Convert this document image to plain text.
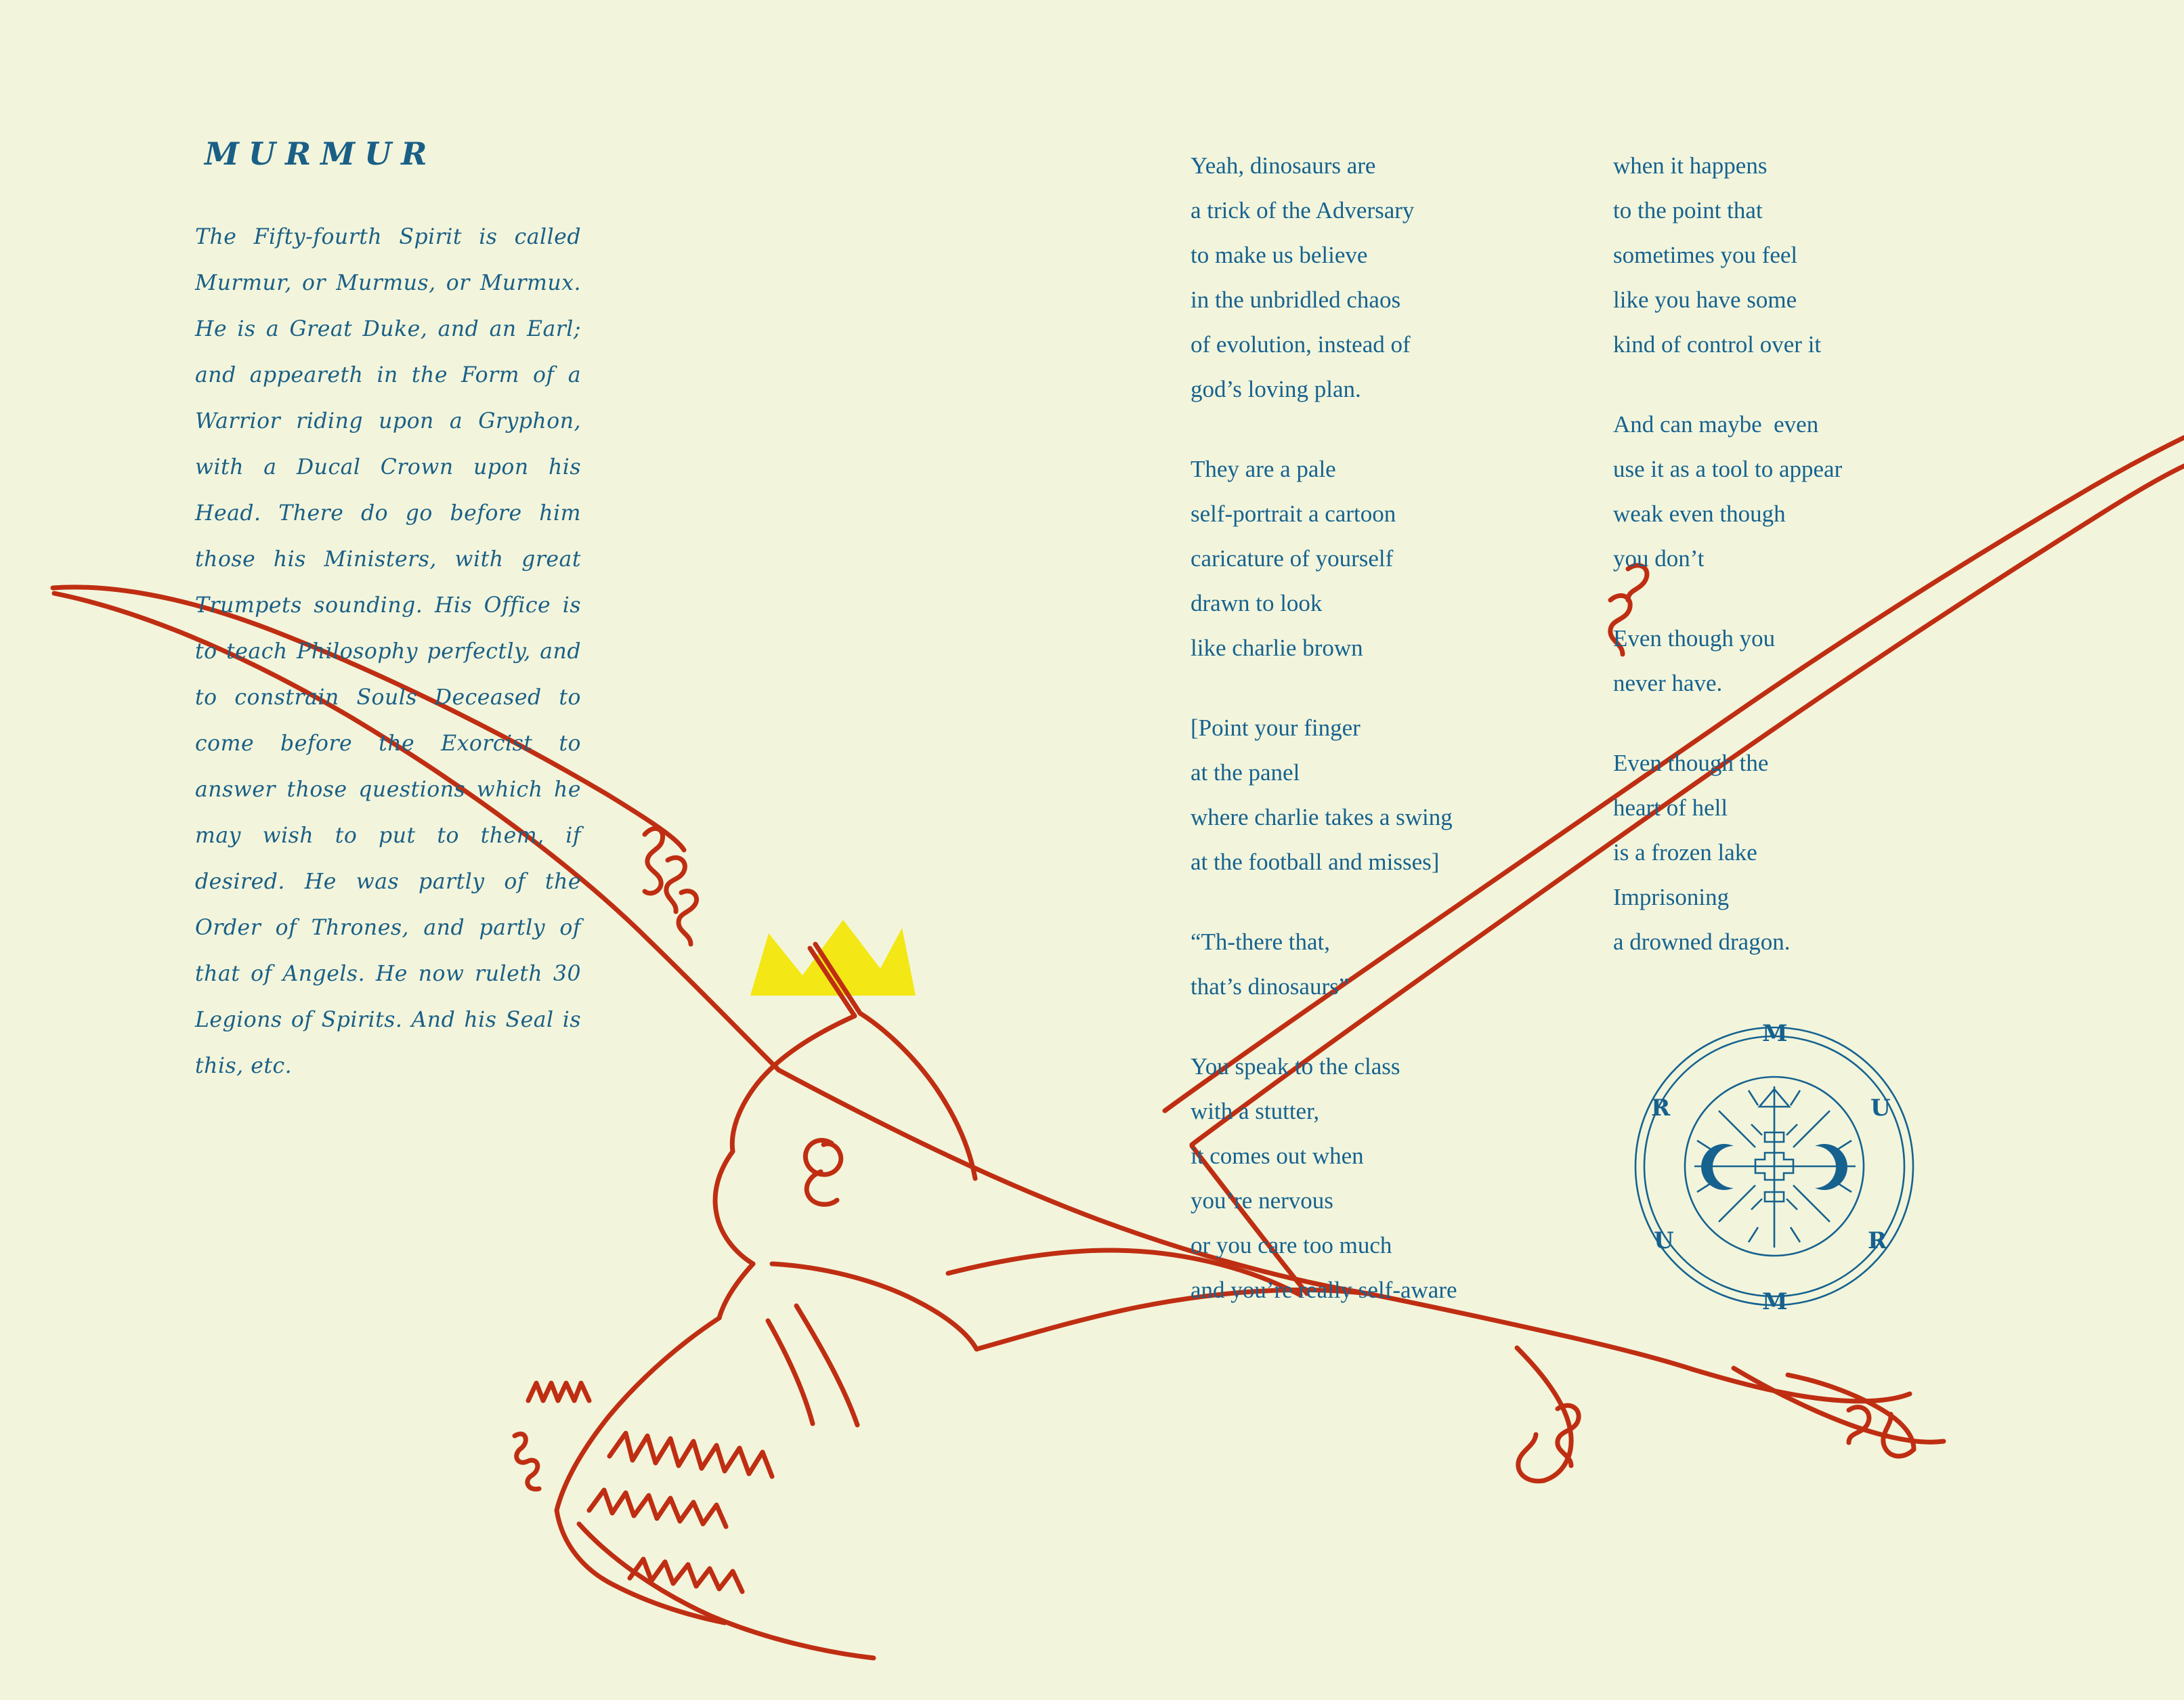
MURMUR
The Fifty-fourth Spirit is called Murmur, or Murmus, or Murmux. He is a Great Duke, and an Earl; and appeareth in the Form of a Warrior riding upon a Gryphon, with a Ducal Crown upon his Head. There do go before him those his Ministers, with great Trumpets sounding. His Office is to teach Philosophy perfectly, and to constrain Souls Deceased to come before the Exorcist to answer those questions which he may wish to put to them, if desired. He was partly of the Order of Thrones, and partly of that of Angels. He now ruleth 30 Legions of Spirits. And his Seal is this, etc.

Yeah, dinosaurs are
a trick of the Adversary
to make us believe
in the unbridled chaos
of evolution, instead of
god’s loving plan.

They are a pale
self-portrait a cartoon
caricature of yourself
drawn to look
like charlie brown

[Point your finger
at the panel
where charlie takes a swing
at the football and misses]

“Th-there that,
that’s dinosaurs”

You speak to the class
with a stutter,
it comes out when
you’re nervous
or you care too much
and you’re really self-aware

when it happens
to the point that
sometimes you feel
like you have some
kind of control over it

And can maybe  even
use it as a tool to appear
weak even though
you don’t

Even though you
never have.

Even though the
heart of hell
is a frozen lake
Imprisoning
a drowned dragon.

M
U
R
M
U	R
